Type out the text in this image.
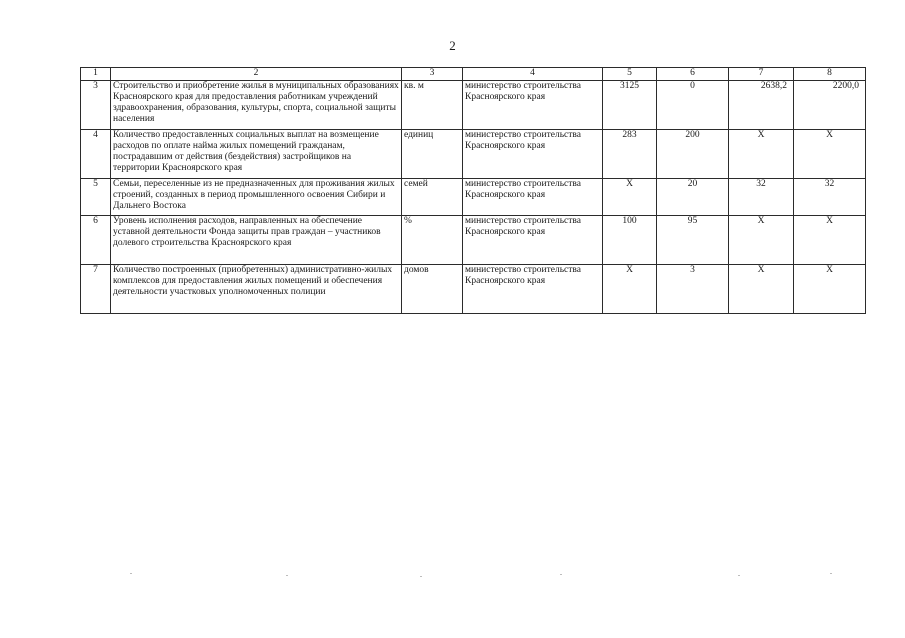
2
1	2	3	4	5	6	7	8
3	Строительство и приобретение жилья в муниципальных образованиях Красноярского края для предоставления работникам учреждений здравоохранения, образования, культуры, спорта, социальной защиты населения	кв. м	министерство строительства Красноярского края	3125	0	2638,2	2200,0
4	Количество предоставленных социальных выплат на возмещение расходов по оплате найма жилых помещений гражданам, пострадавшим от действия (бездействия) застройщиков на территории Красноярского края	единиц	министерство строительства Красноярского края	283	200	Х	Х
5	Семьи, переселенные из не предназначенных для проживания жилых строений, созданных в период промышленного освоения Сибири и Дальнего Востока	семей	министерство строительства Красноярского края	Х	20	32	32
6	Уровень исполнения расходов, направленных на обеспечение уставной деятельности Фонда защиты прав граждан – участников долевого строительства Красноярского края	%	министерство строительства Красноярского края	100	95	Х	Х
7	Количество построенных (приобретенных) административно-жилых комплексов для предоставления жилых помещений и обеспечения деятельности участковых уполномоченных полиции	домов	министерство строительства Красноярского края	Х	3	Х	Х
